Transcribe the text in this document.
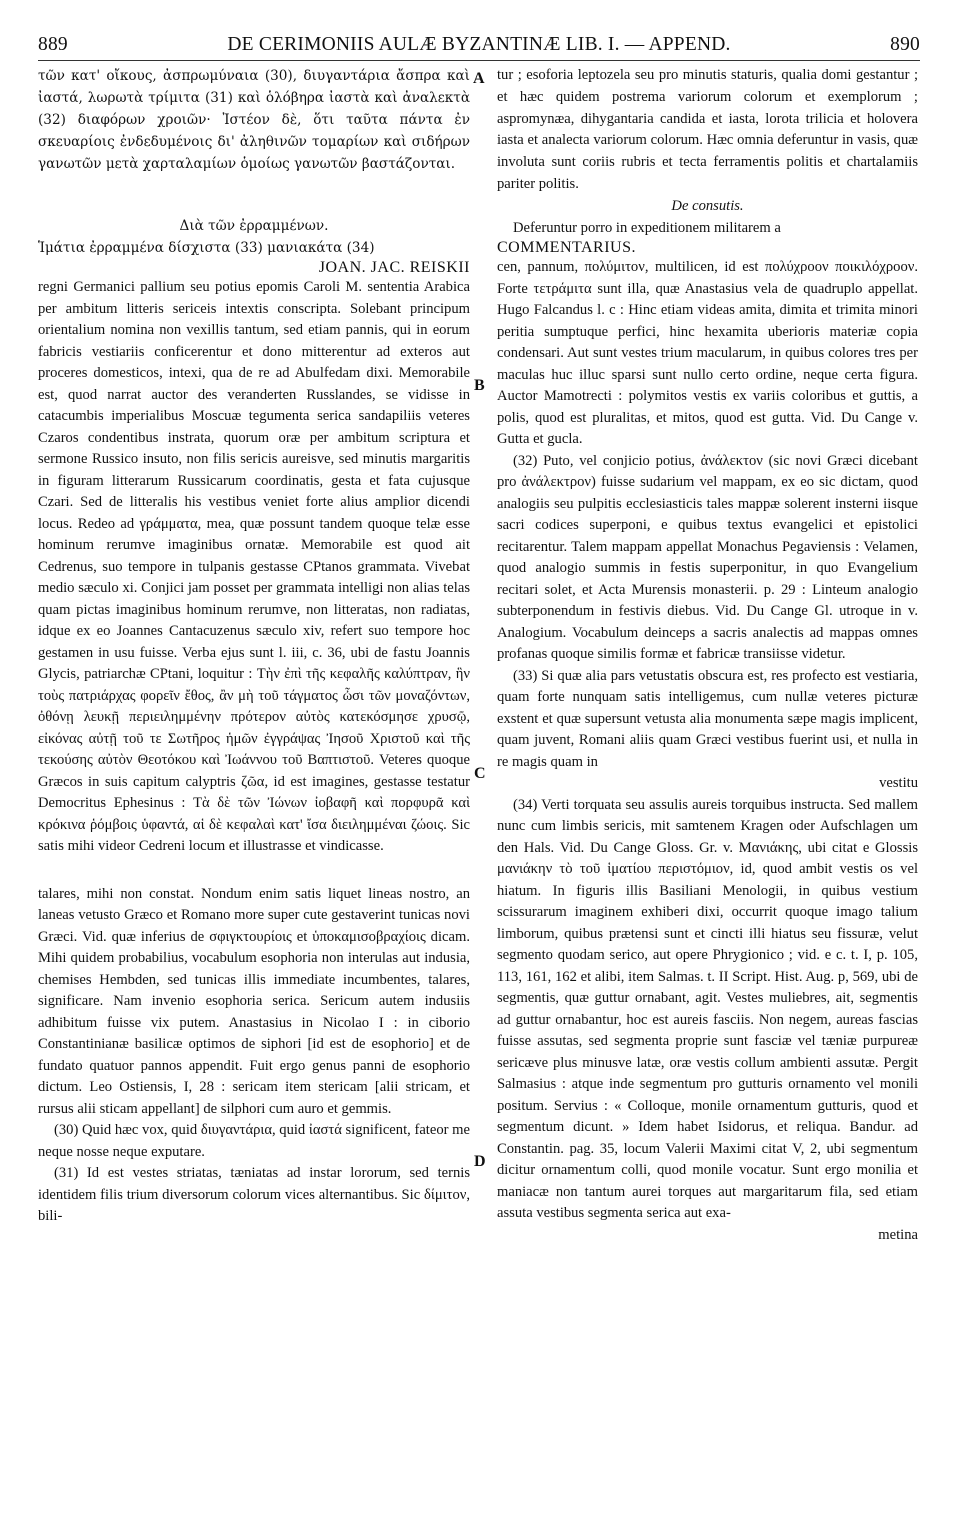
889	DE CERIMONIIS AULÆ BYZANTINÆ LIB. I. — APPEND.	890
A
B
C
D

τῶν κατ' οἴκους, ἀσπρωμύναια (30), διυγαντάρια ἄσπρα καὶ ἰαστά, λωρωτὰ τρίμιτα (31) καὶ ὁλόβηρα ἰαστὰ καὶ ἀναλεκτὰ (32) διαφόρων χροιῶν· Ἰστέον δὲ, ὅτι ταῦτα πάντα ἐν σκευαρίοις ἐνδεδυμένοις δι' ἀληθινῶν τομαρίων καὶ σιδήρων γανωτῶν μετὰ χαρταλαμίων ὁμοίως γανωτῶν βαστάζονται.

Διὰ τῶν ἐρραμμένων.

Ἱμάτια ἐρραμμένα δίσχιστα (33) μανιακάτα (34)

JOAN. JAC. REISKII

regni Germanici pallium seu potius epomis Caroli M. sententia Arabica per ambitum litteris sericeis intextis conscripta. Solebant principum orientalium nomina non vexillis tantum, sed etiam pannis, qui in eorum fabricis vestiariis conficerentur et dono mitterentur ad exteros aut proceres domesticos, intexi, qua de re ad Abulfedam dixi. Memorabile est, quod narrat auctor des veranderten Russlandes, se vidisse in catacumbis imperialibus Moscuæ tegumenta serica sandapiliis veteres Czaros condentibus instrata, quorum oræ per ambitum scriptura et sermone Russico insuto, non filis sericis aureisve, sed minutis margaritis in figuram litterarum Russicarum coordinatis, gesta et fata cujusque Czari. Sed de litteralis his vestibus veniet forte alius amplior dicendi locus. Redeo ad γράμματα, mea, quæ possunt tandem quoque telæ esse hominum rerumve imaginibus ornatæ. Memorabile est quod ait Cedrenus, suo tempore in tulpanis gestasse CPtanos grammata. Vivebat medio sæculo xi. Conjici jam posset per grammata intelligi non alias telas quam pictas imaginibus hominum rerumve, non litteratas, non radiatas, idque ex eo Joannes Cantacuzenus sæculo xiv, refert suo tempore hoc gestamen in usu fuisse. Verba ejus sunt l. iii, c. 36, ubi de fastu Joannis Glycis, patriarchæ CPtani, loquitur : Τὴν ἐπὶ τῆς κεφαλῆς καλύπτραν, ἣν τοὺς πατριάρχας φορεῖν ἔθος, ἂν μὴ τοῦ τάγματος ὦσι τῶν μοναζόντων, ὀθόνῃ λευκῇ περιειλημμένην πρότερον αὐτὸς κατεκόσμησε χρυσῷ, εἰκόνας αὐτῇ τοῦ τε Σωτῆρος ἡμῶν ἐγγράψας Ἰησοῦ Χριστοῦ καὶ τῆς τεκούσης αὐτὸν Θεοτόκου καὶ Ἰωάννου τοῦ Βαπτιστοῦ. Veteres quoque Græcos in suis capitum calyptris ζῶα, id est imagines, gestasse testatur Democritus Ephesinus : Τὰ δὲ τῶν Ἰώνων ἰοβαφῆ καὶ πορφυρᾶ καὶ κρόκινα ῥόμβοις ὑφαντά, αἱ δὲ κεφαλαὶ κατ' ἴσα διειλημμέναι ζώοις. Sic satis mihi videor Cedreni locum et illustrasse et vindicasse.

talares, mihi non constat. Nondum enim satis liquet lineas nostro, an laneas vetusto Græco et Romano more super cute gestaverint tunicas novi Græci. Vid. quæ inferius de σφιγκτουρίοις et ὑποκαμισοβραχίοις dicam. Mihi quidem probabilius, vocabulum esophoria non interulas aut indusia, chemises Hembden, sed tunicas illis immediate incumbentes, talares, significare. Nam invenio esophoria serica. Sericum autem indusiis adhibitum fuisse vix putem. Anastasius in Nicolao I : in ciborio Constantinianæ basilicæ optimos de siphori [id est de esophorio] et de fundato quatuor pannos appendit. Fuit ergo genus panni de esophorio dictum. Leo Ostiensis, I, 28 : sericam item stericam [alii stricam, et rursus alii sticam appellant] de silphori cum auro et gemmis.

(30) Quid hæc vox, quid διυγαντάρια, quid ἰαστά significent, fateor me neque nosse neque exputare.

(31) Id est vestes striatas, tæniatas ad instar lororum, sed ternis identidem filis trium diversorum colorum vices alternantibus. Sic δίμιτον, bili-

tur ; esoforia leptozela seu pro minutis staturis, qualia domi gestantur ; et hæc quidem postrema variorum colorum et exemplorum ; aspromynæa, dihygantaria candida et iasta, lorota trilicia et holovera iasta et analecta variorum colorum. Hæc omnia deferuntur in vasis, quæ involuta sunt coriis rubris et tecta ferramentis politis et chartalamiis pariter politis.

De consutis.

Deferuntur porro in expeditionem militarem a

COMMENTARIUS.

cen, pannum, πολύμιτον, multilicen, id est πολύχροον ποικιλόχροον. Forte τετράμιτα sunt illa, quæ Anastasius vela de quadruplo appellat. Hugo Falcandus l. c : Hinc etiam videas amita, dimita et trimita minori peritia sumptuque perfici, hinc hexamita uberioris materiæ copia condensari. Aut sunt vestes trium macularum, in quibus colores tres per maculas huc illuc sparsi sunt nullo certo ordine, neque certa figura. Auctor Mamotrecti : polymitos vestis ex variis coloribus et guttis, a polis, quod est pluralitas, et mitos, quod est gutta. Vid. Du Cange v. Gutta et gucla.

(32) Puto, vel conjicio potius, ἀνάλεκτον (sic novi Græci dicebant pro ἀνάλεκτρον) fuisse sudarium vel mappam, ex eo sic dictam, quod analogiis seu pulpitis ecclesiasticis tales mappæ solerent insterni iisque sacri codices superponi, e quibus textus evangelici et epistolici recitarentur. Talem mappam appellat Monachus Pegaviensis : Velamen, quod analogio summis in festis superponitur, in quo Evangelium recitari solet, et Acta Murensis monasterii. p. 29 : Linteum analogio subterponendum in festivis diebus. Vid. Du Cange Gl. utroque in v. Analogium. Vocabulum deinceps a sacris analectis ad mappas omnes profanas quoque similis formæ et fabricæ transiisse videtur.

(33) Si quæ alia pars vetustatis obscura est, res profecto est vestiaria, quam forte nunquam satis intelligemus, cum nullæ veteres picturæ exstent et quæ supersunt vetusta alia monumenta sæpe magis implicent, quam juvent, Romani aliis quam Græci vestibus fuerint usi, et nulla in re magis quam in

vestitu

(34) Verti torquata seu assulis aureis torquibus instructa. Sed mallem nunc cum limbis sericis, mit samtenem Kragen oder Aufschlagen um den Hals. Vid. Du Cange Gloss. Gr. v. Μανιάκης, ubi citat e Glossis μανιάκην τὸ τοῦ ἱματίου περιστόμιον, id, quod ambit vestis os vel hiatum. In figuris illis Basiliani Menologii, in quibus vestium scissurarum imaginem exhiberi dixi, occurrit quoque imago talium limborum, quibus prætensi sunt et cincti illi hiatus seu fissuræ, velut segmento quodam serico, aut opere Phrygionico ; vid. e c. t. I, p. 105, 113, 161, 162 et alibi, item Salmas. t. II Script. Hist. Aug. p, 569, ubi de segmentis, quæ guttur ornabant, agit. Vestes muliebres, ait, segmentis ad guttur ornabantur, hoc est aureis fasciis. Non negem, aureas fascias fuisse assutas, sed segmenta proprie sunt fasciæ vel tæniæ purpureæ sericæve plus minusve latæ, oræ vestis collum ambienti assutæ. Pergit Salmasius : atque inde segmentum pro gutturis ornamento vel monili positum. Servius : « Colloque, monile ornamentum gutturis, quod et segmentum dicunt. » Idem habet Isidorus, et reliqua. Bandur. ad Constantin. pag. 35, locum Valerii Maximi citat V, 2, ubi segmentum dicitur ornamentum colli, quod monile vocatur. Sunt ergo monilia et maniacæ non tantum aurei torques aut margaritarum fila, sed etiam assuta vestibus segmenta serica aut exa-

metina
